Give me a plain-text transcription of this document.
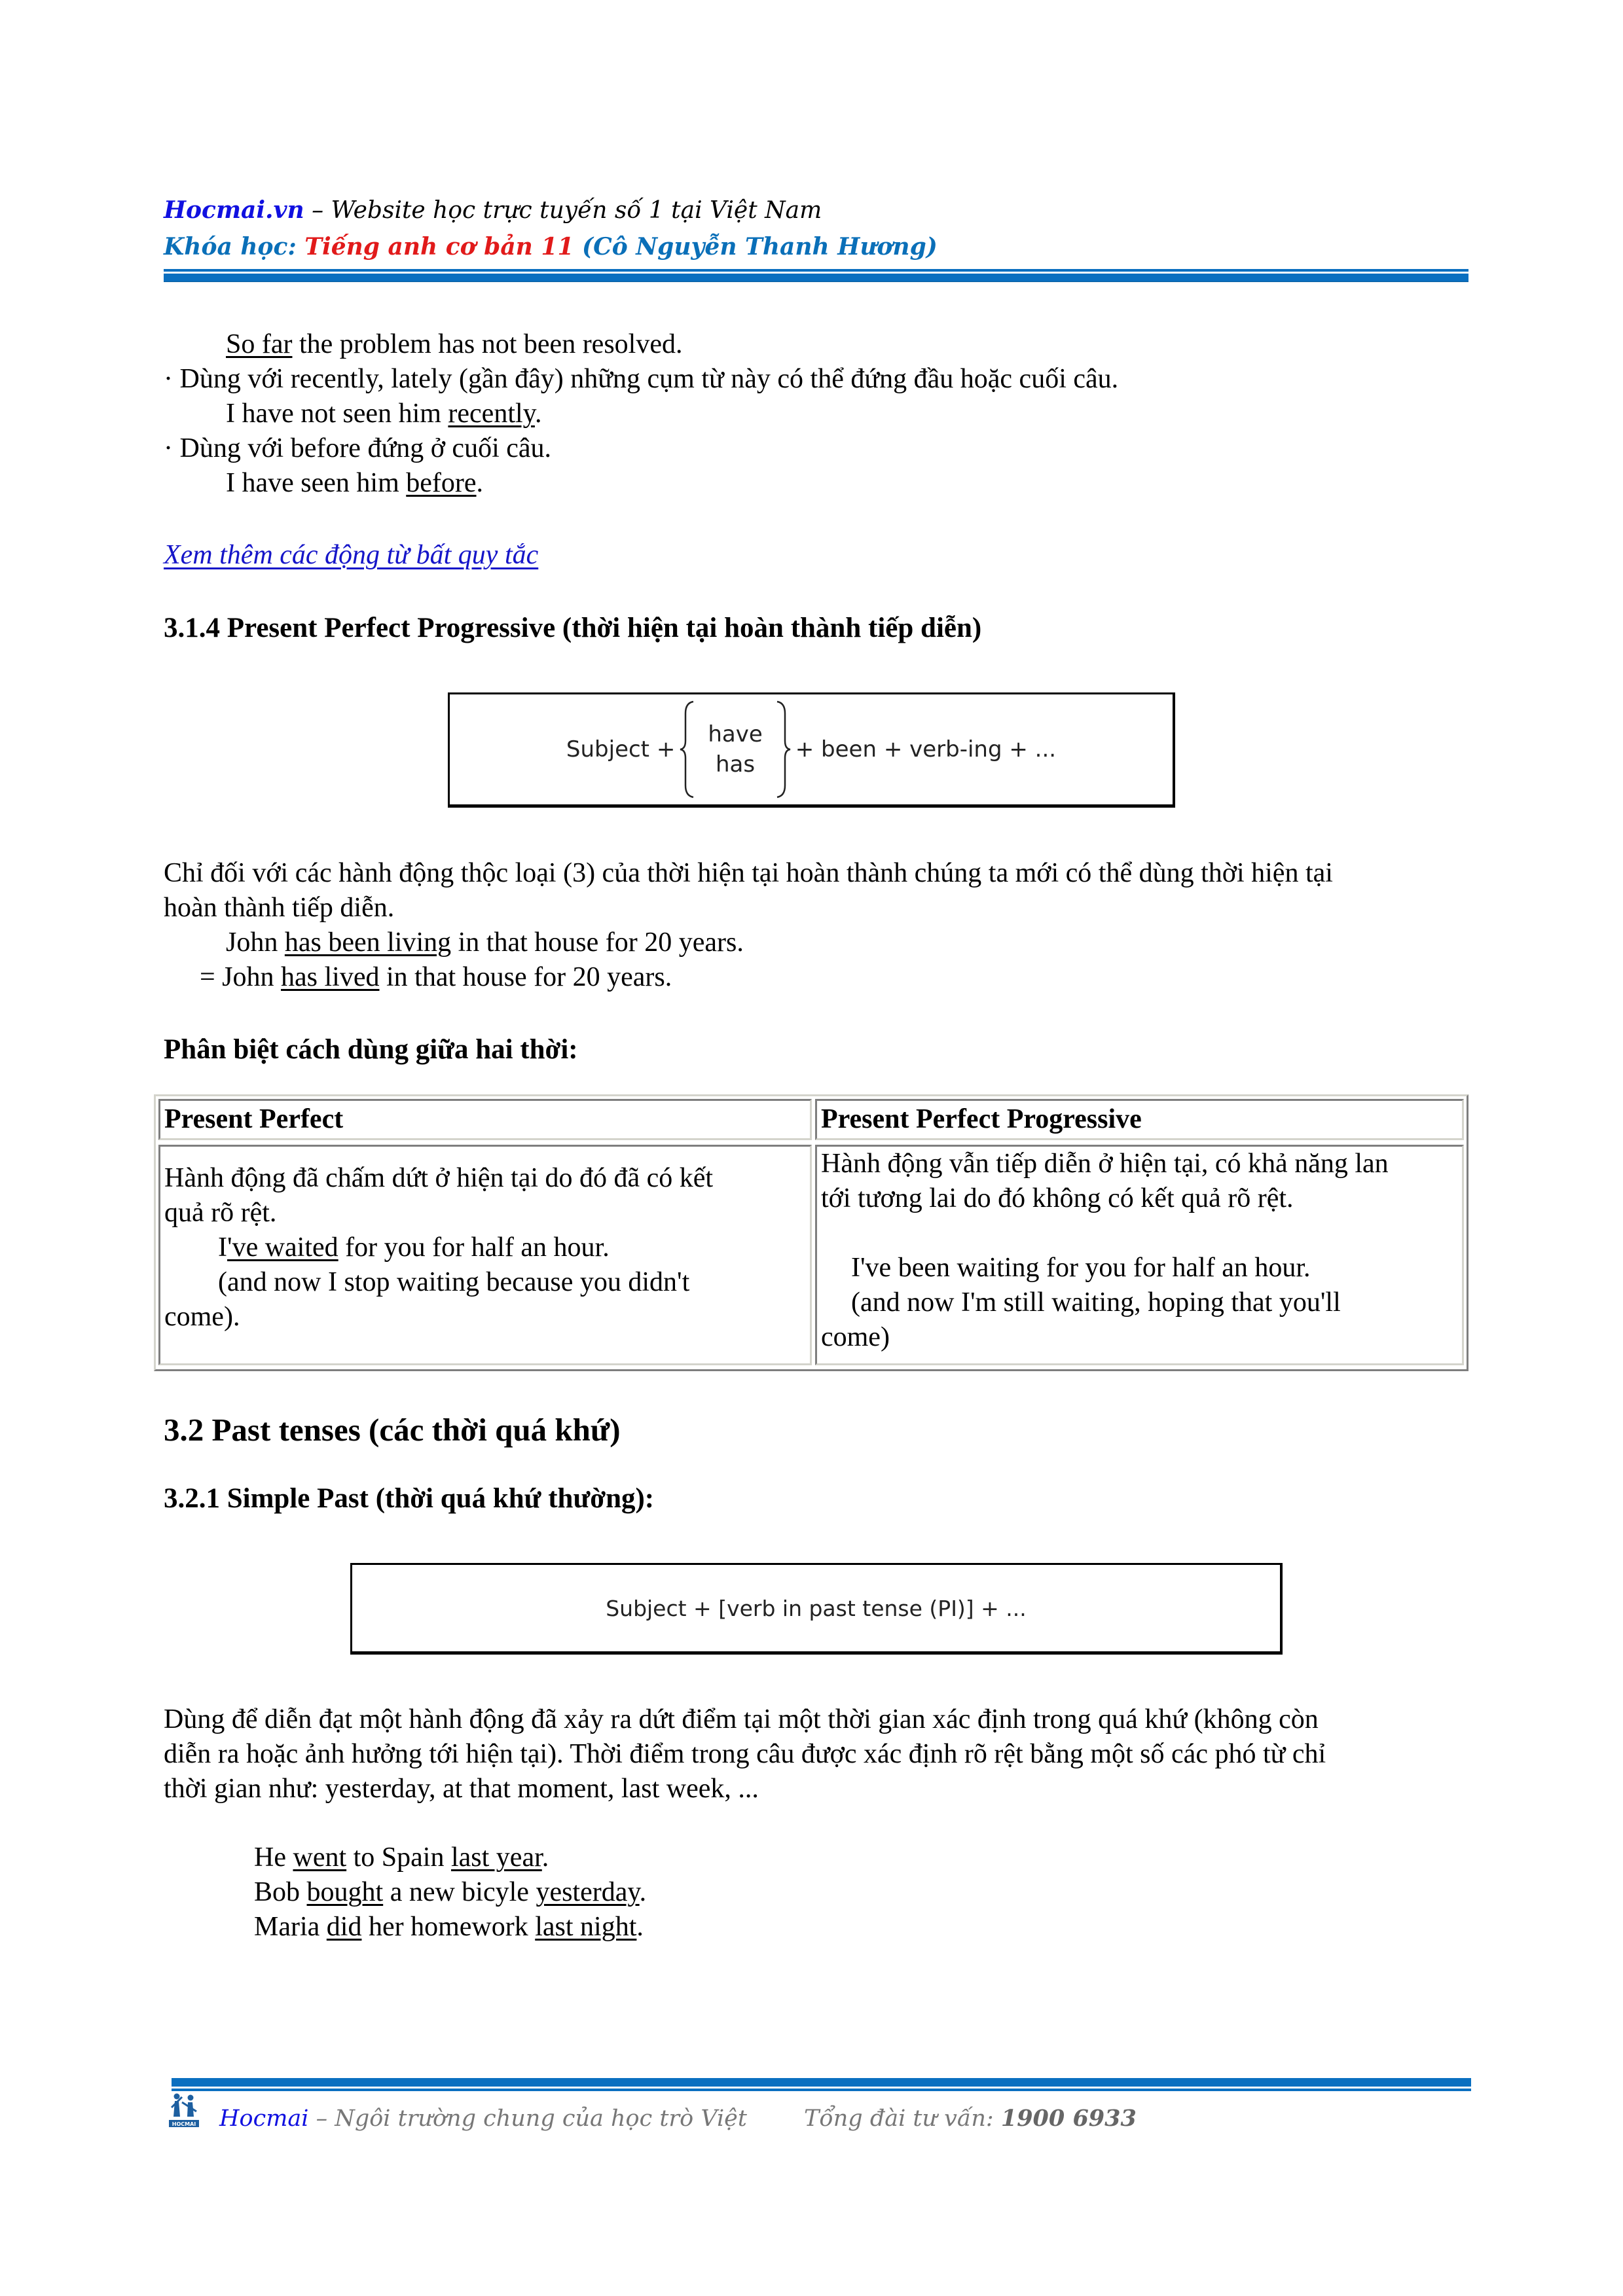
Hocmai.vn – Website học trực tuyến số 1 tại Việt Nam
Khóa học: Tiếng anh cơ bản 11 (Cô Nguyễn Thanh Hương)
So far the problem has not been resolved.
· Dùng với recently, lately (gần đây) những cụm từ này có thể đứng đầu hoặc cuối câu.
I have not seen him recently.
· Dùng với before đứng ở cuối câu.
I have seen him before.
Xem thêm các động từ bất quy tắc
3.1.4 Present Perfect Progressive (thời hiện tại hoàn thành tiếp diễn)
Subject +
have
has
+ been + verb-ing + ...
Chỉ đối với các hành động thộc loại (3) của thời hiện tại hoàn thành chúng ta mới có thể dùng thời hiện tại
hoàn thành tiếp diễn.
John has been living in that house for 20 years.
= John has lived in that house for 20 years.
Phân biệt cách dùng giữa hai thời:
Present Perfect	Present Perfect Progressive
Hành động đã chấm dứt ở hiện tại do đó đã có kết
quả rõ rệt.
I've waited for you for half an hour.
(and now I stop waiting because you didn't
come).
Hành động vẫn tiếp diễn ở hiện tại, có khả năng lan
tới tương lai do đó không có kết quả rõ rệt.
I've been waiting for you for half an hour.
(and now I'm still waiting, hoping that you'll
come)
3.2 Past tenses (các thời quá khứ)
3.2.1 Simple Past (thời quá khứ thường):
Subject + [verb in past tense (PI)] + ...
Dùng để diễn đạt một hành động đã xảy ra dứt điểm tại một thời gian xác định trong quá khứ (không còn
diễn ra hoặc ảnh hưởng tới hiện tại). Thời điểm trong câu được xác định rõ rệt bằng một số các phó từ chỉ
thời gian như: yesterday, at that moment, last week, ...
He went to Spain last year.
Bob bought a new bicyle yesterday.
Maria did her homework last night.
HOCMAI Hocmai – Ngôi trường chung của học trò Việt Tổng đài tư vấn: 1900 6933
